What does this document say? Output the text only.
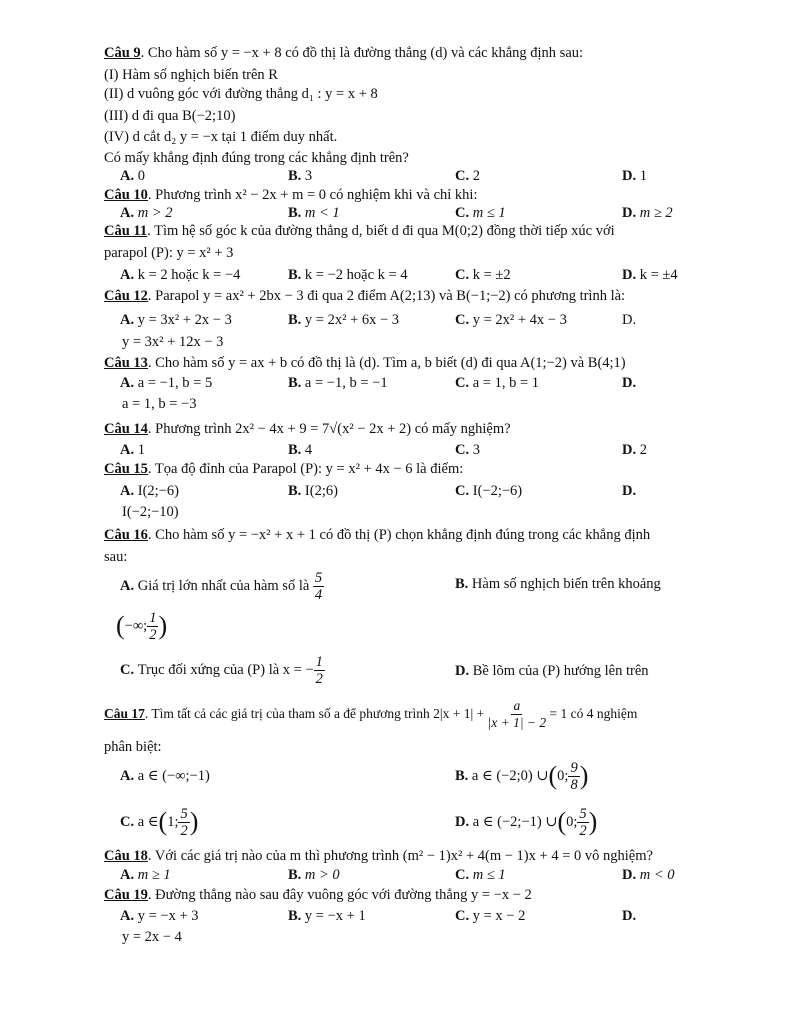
Câu 9. Cho hàm số y = −x + 8 có đồ thị là đường thẳng (d) và các khẳng định sau:
(I) Hàm số nghịch biến trên R
(II) d vuông góc với đường thẳng d₁ : y = x + 8
(III) d đi qua B(−2;10)
(IV) d cắt d₂ y = −x tại 1 điểm duy nhất.
Có mấy khẳng định đúng trong các khẳng định trên?
A. 0	B. 3	C. 2	D. 1
Câu 10. Phương trình x² − 2x + m = 0 có nghiệm khi và chỉ khi:
A. m > 2	B. m < 1	C. m ≤ 1	D. m ≥ 2
Câu 11. Tìm hệ số góc k của đường thẳng d, biết d đi qua M(0;2) đồng thời tiếp xúc với
parapol (P): y = x² + 3
A. k = 2 hoặc k = −4	B. k = −2 hoặc k = 4	C. k = ±2	D. k = ±4
Câu 12. Parapol y = ax² + 2bx − 3 đi qua 2 điểm A(2;13) và B(−1;−2) có phương trình là:
A. y = 3x² + 2x − 3	B. y = 2x² + 6x − 3	C. y = 2x² + 4x − 3	D.
y = 3x² + 12x − 3
Câu 13. Cho hàm số y = ax + b có đồ thị là (d). Tìm a, b biết (d) đi qua A(1;−2) và B(4;1)
A. a = −1, b = 5	B. a = −1, b = −1	C. a = 1, b = 1	D.
a = 1, b = −3
Câu 14. Phương trình 2x² − 4x + 9 = 7√(x² − 2x + 2) có mấy nghiệm?
A. 1	B. 4	C. 3	D. 2
Câu 15. Tọa độ đỉnh của Parapol (P): y = x² + 4x − 6 là điểm:
A. I(2;−6)	B. I(2;6)	C. I(−2;−6)	D.
I(−2;−10)
Câu 16. Cho hàm số y = −x² + x + 1 có đồ thị (P) chọn khẳng định đúng trong các khẳng định
sau:
A.
Giá trị lớn nhất của hàm số là

5
4
B. Hàm số nghịch biến trên khoảng
( −∞;
1
2 )
C.
Trục đối xứng của (P) là x = − $\frac{1}{2}$	D. Bề lõm của (P) hướng lên trên
Câu 17 . Tìm tất cả các giá trị của tham số a để phương trình 2|x + 1| +
$\frac{a}{|x + 1| - 2}$
= 1 có 4 nghiệm
phân biệt:
A. a ∈ (−∞;−1)	B.
a ∈ (−2;0) ∪ ( 0;
9
8 )
C.
a ∈ ( 1;
5
2 )	D.
a ∈ (−2;−1) ∪ ( 0;
5
2 )
Câu 18. Với các giá trị nào của m thì phương trình (m² − 1)x² + 4(m − 1)x + 4 = 0 vô nghiệm?
A. m ≥ 1	B. m > 0	C. m ≤ 1	D. m < 0
Câu 19. Đường thẳng nào sau đây vuông góc với đường thẳng y = −x − 2
A. y = −x + 3	B. y = −x + 1	C. y = x − 2	D.
y = 2x − 4
